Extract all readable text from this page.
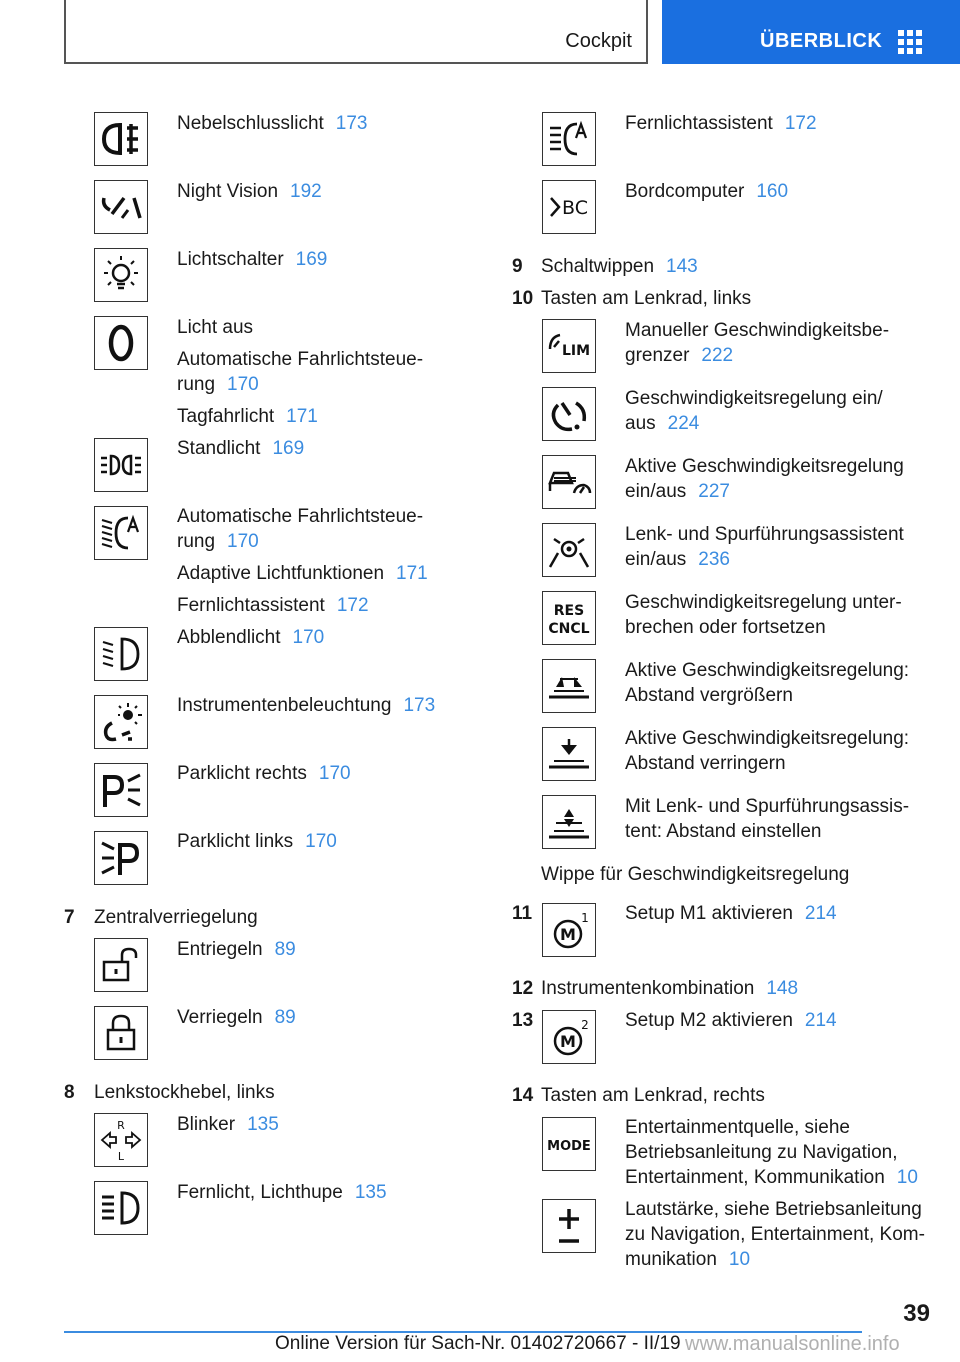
Cockpit	ÜBERBLICK
Nebelschlusslicht 173
Night Vision 192
Lichtschalter 169
Licht aus
Automatische Fahrlichtsteue-
rung 170
Tagfahrlicht 171
Standlicht 169
Automatische Fahrlichtsteue-
rung 170
Adaptive Lichtfunktionen 171
Fernlichtassistent 172
Abblendlicht 170
Instrumentenbeleuchtung 173
Parklicht rechts 170
Parklicht links 170
7 Zentralverriegelung
Entriegeln 89
Verriegeln 89
8 Lenkstockhebel, links
R
L
Blinker 135
Fernlicht, Lichthupe 135
Fernlichtassistent 172
BC
Bordcomputer 160
9 Schaltwippen 143
10 Tasten am Lenkrad, links
LIM
Manueller Geschwindigkeitsbe-
grenzer 222
Geschwindigkeitsregelung ein/
aus 224
Aktive Geschwindigkeitsregelung
ein/aus 227
Lenk- und Spurführungsassistent
ein/aus 236
RES
CNCL
Geschwindigkeitsregelung unter-
brechen oder fortsetzen
Aktive Geschwindigkeitsregelung:
Abstand vergrößern
Aktive Geschwindigkeitsregelung:
Abstand verringern
Mit Lenk- und Spurführungsassis-
tent: Abstand einstellen
Wippe für Geschwindigkeitsregelung
11
M
1 Setup M1 aktivieren 214
12 Instrumentenkombination 148
13
M
2 Setup M2 aktivieren 214
14 Tasten am Lenkrad, rechts
MODE
Entertainmentquelle, siehe
Betriebsanleitung zu Navigation,
Entertainment, Kommunikation 10
Lautstärke, siehe Betriebsanleitung
zu Navigation, Entertainment, Kom-
munikation 10
39
Online Version für Sach-Nr. 01402720667 - II/19 www.manualsonline.info
